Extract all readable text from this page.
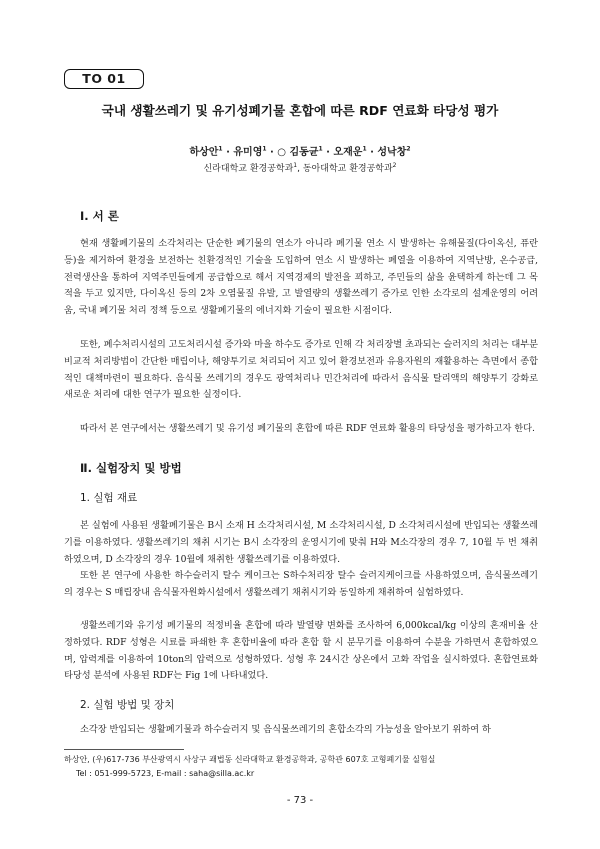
TO 01
국내 생활쓰레기 및 유기성폐기물 혼합에 따른 RDF 연료화 타당성 평가
하상안$^1$ · 유미영$^1$ · ○ 김동균$^1$ · 오재운$^1$ · 성낙창$^2$
신라대학교 환경공학과$^1$, 동아대학교 환경공학과$^2$
Ⅰ. 서 론
현재 생활폐기물의 소각처리는 단순한 폐기물의 연소가 아니라 폐기물 연소 시 발생하는 유해물질(다이옥신, 퓨란 등)을 제거하여 환경을 보전하는 친환경적인 기술을 도입하여 연소 시 발생하는 폐열을 이용하여 지역난방, 온수공급, 전력생산을 통하여 지역주민들에게 공급함으로 해서 지역경제의 발전을 꾀하고, 주민들의 삶을 윤택하게 하는데 그 목적을 두고 있지만, 다이옥신 등의 2차 오염물질 유발, 고 발열량의 생활쓰레기 증가로 인한 소각로의 설계운영의 어려움, 국내 폐기물 처리 정책 등으로 생활폐기물의 에너지화 기술이 필요한 시점이다.
또한, 폐수처리시설의 고도처리시설 증가와 마을 하수도 증가로 인해 각 처리장별 초과되는 슬러지의 처리는 대부분 비교적 처리방법이 간단한 매립이나, 해양투기로 처리되어 지고 있어 환경보전과 유용자원의 재활용하는 측면에서 종합적인 대책마련이 필요하다. 음식물 쓰레기의 경우도 광역처리나 민간처리에 따라서 음식물 탈리액의 해양투기 강화로 새로운 처리에 대한 연구가 필요한 실정이다.
따라서 본 연구에서는 생활쓰레기 및 유기성 폐기물의 혼합에 따른 RDF 연료화 활용의 타당성을 평가하고자 한다.
Ⅱ. 실험장치 및 방법
1. 실험 재료
본 실험에 사용된 생활폐기물은 B시 소재 H 소각처리시설, M 소각처리시설, D 소각처리시설에 반입되는 생활쓰레기를 이용하였다. 생활쓰레기의 채취 시기는 B시 소각장의 운영시기에 맞춰 H와 M소각장의 경우 7, 10월 두 번 채취하였으며, D 소각장의 경우 10월에 채취한 생활쓰레기를 이용하였다.
또한 본 연구에 사용한 하수슬러지 탈수 케이크는 S하수처리장 탈수 슬러지케이크를 사용하였으며, 음식물쓰레기의 경우는 S 매립장내 음식물자원화시설에서 생활쓰레기 채취시기와 동일하게 채취하여 실험하였다.
생활쓰레기와 유기성 폐기물의 적정비율 혼합에 따라 발열량 변화를 조사하여 6,000kcal/kg 이상의 혼재비율 산정하였다. RDF 성형은 시료를 파쇄한 후 혼합비율에 따라 혼합 할 시 분무기를 이용하여 수분을 가하면서 혼합하였으며, 압력계를 이용하여 10ton의 압력으로 성형하였다. 성형 후 24시간 상온에서 고화 작업을 실시하였다. 혼합연료화 타당성 분석에 사용된 RDF는 Fig 1에 나타내었다.
2. 실험 방법 및 장치
소각장 반입되는 생활폐기물과 하수슬러지 및 음식물쓰레기의 혼합소각의 가능성을 알아보기 위하여 하
하상안, (우)617-736 부산광역시 사상구 괘법동 신라대학교 환경공학과, 공학관 607호 고형폐기물 실험실
Tel : 051-999-5723, E-mail : saha@silla.ac.kr
- 73 -
